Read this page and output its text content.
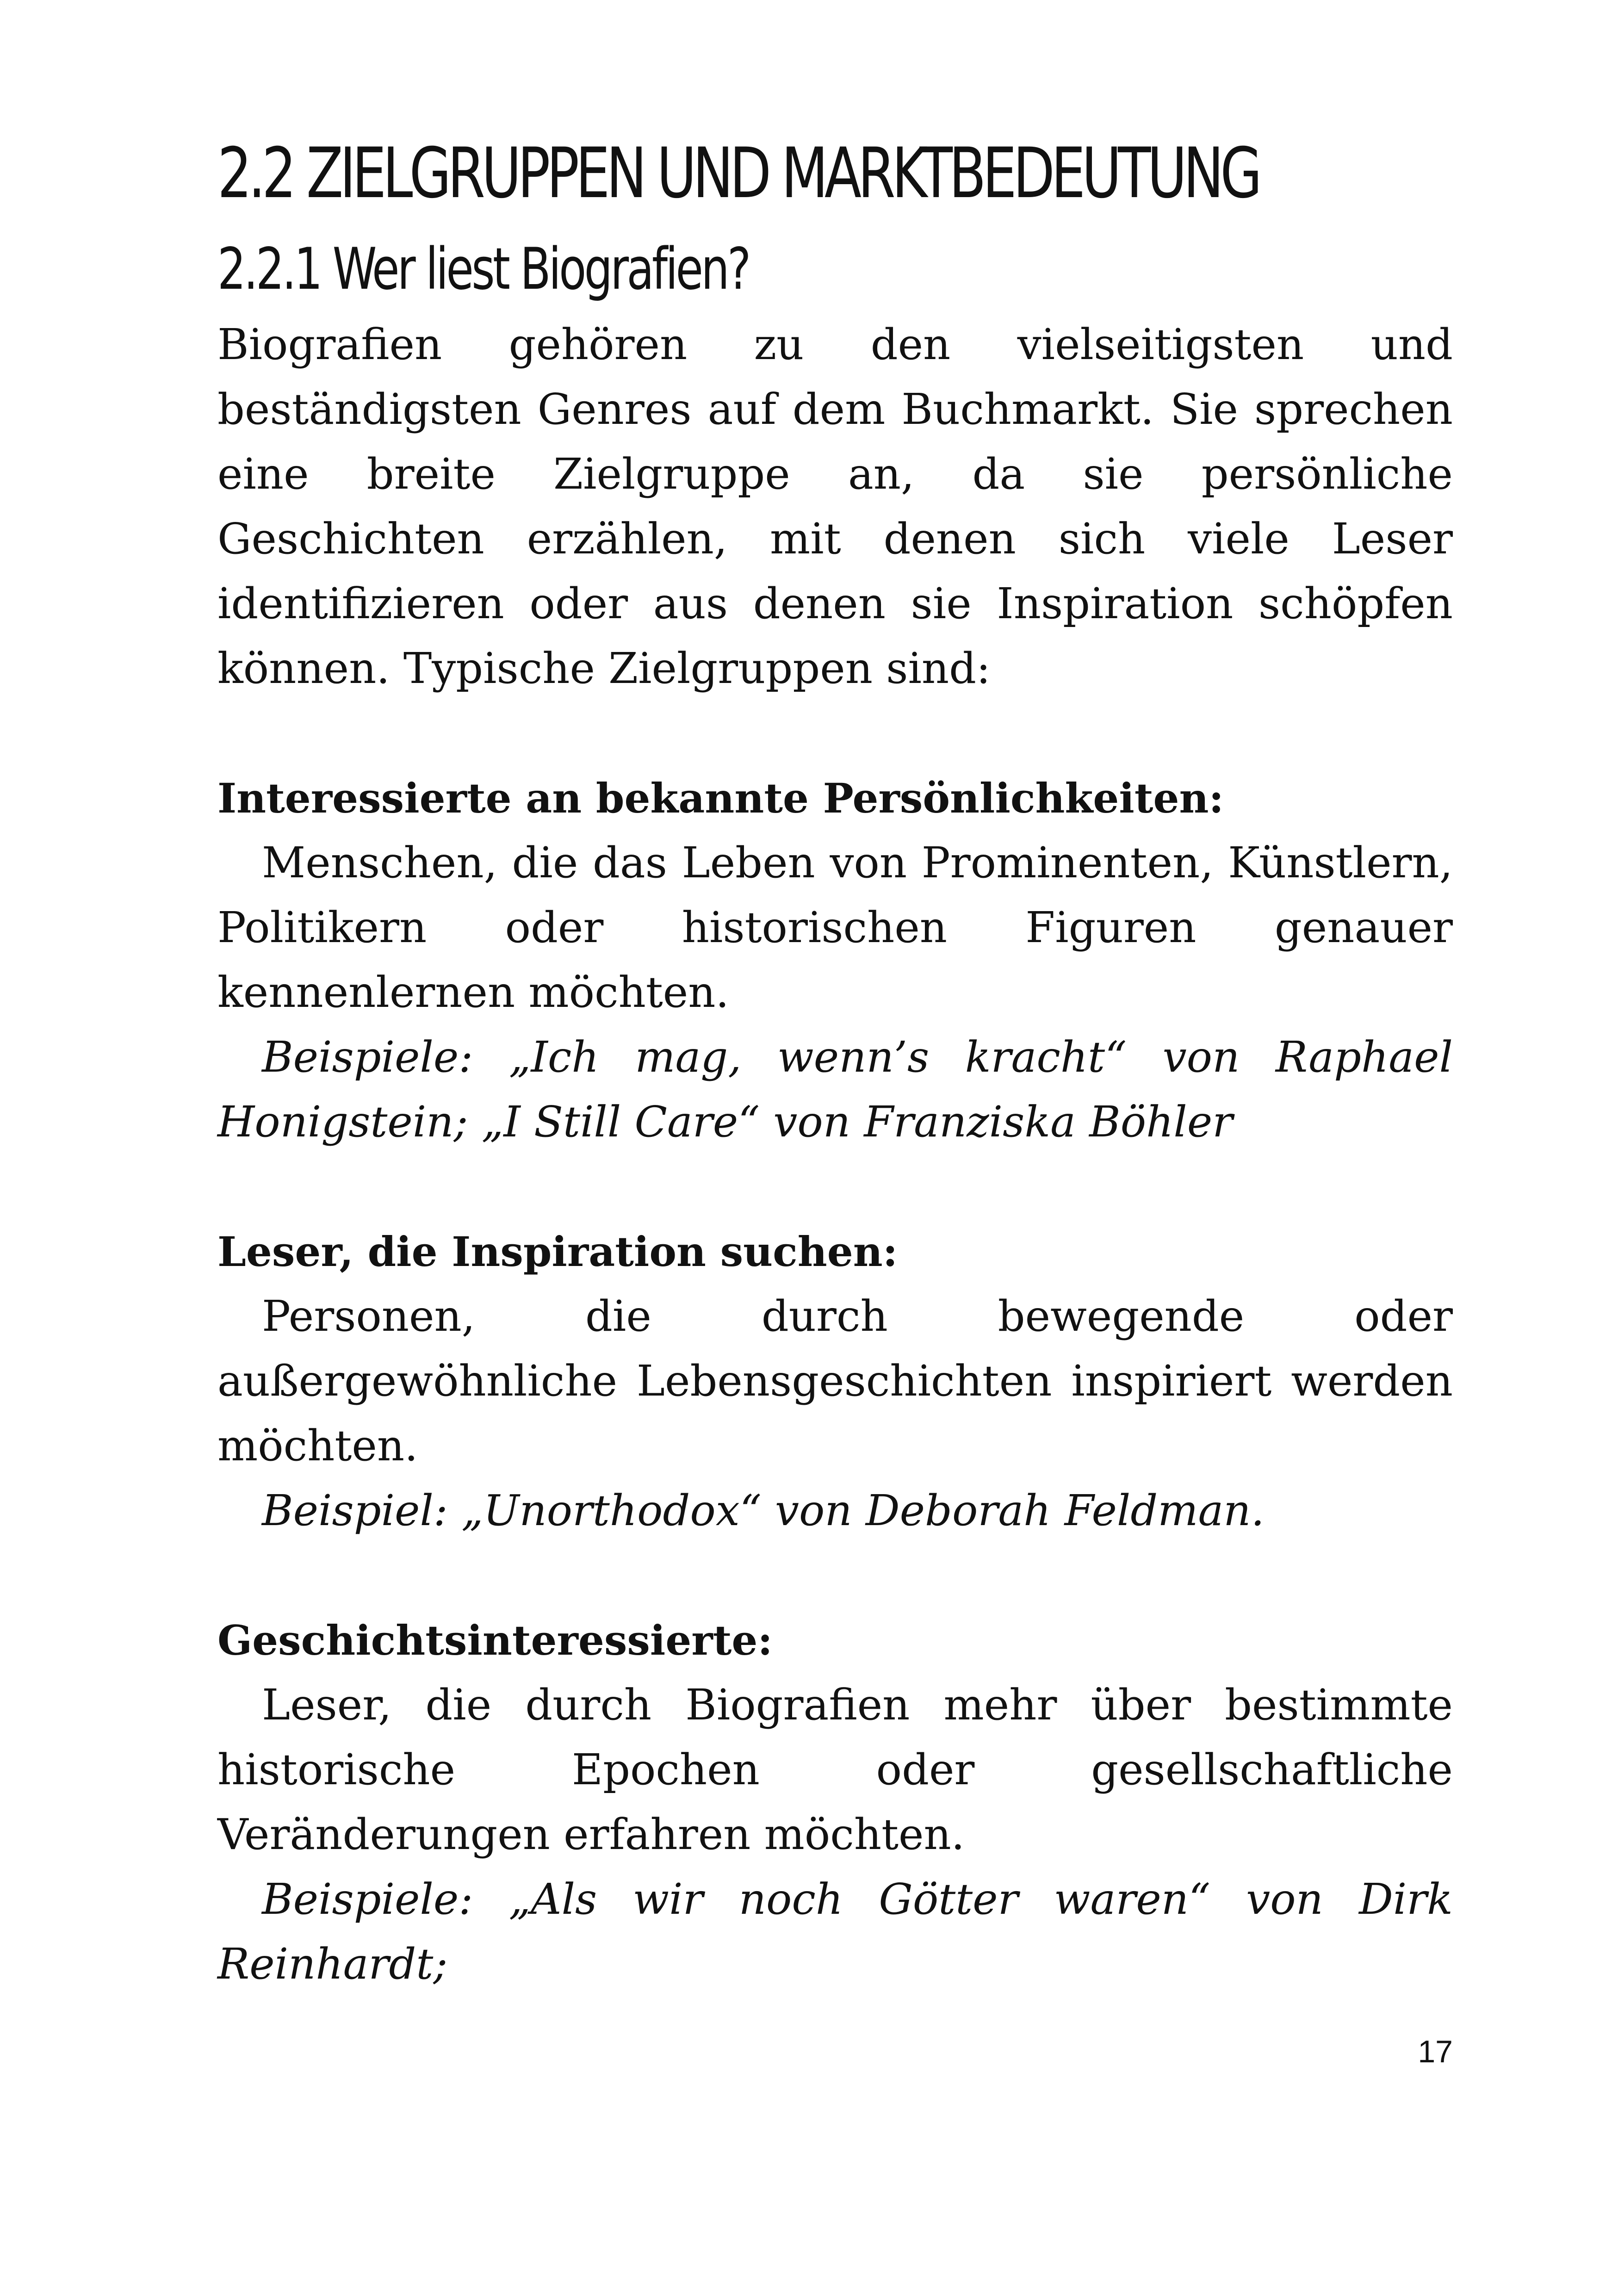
2.2 ZIELGRUPPEN UND MARKTBEDEUTUNG
2.2.1 Wer liest Biografien?

Biografien gehören zu den vielseitigsten und beständigsten Genres auf dem Buchmarkt. Sie sprechen eine breite Zielgruppe an, da sie persönliche Geschichten erzählen, mit denen sich viele Leser identifizieren oder aus denen sie Inspiration schöpfen können. Typische Zielgruppen sind:

Interessierte an bekannte Persönlichkeiten:

Menschen, die das Leben von Prominenten, Künstlern, Politikern oder historischen Figuren genauer kennenlernen möchten.

Beispiele: „Ich mag, wenn’s kracht“ von Raphael Honigstein; „I Still Care“ von Franziska Böhler

Leser, die Inspiration suchen:

Personen, die durch bewegende oder außergewöhnliche Lebensgeschichten inspiriert werden möchten.

Beispiel: „Unorthodox“ von Deborah Feldman.

Geschichtsinteressierte:

Leser, die durch Biografien mehr über bestimmte historische Epochen oder gesellschaftliche Veränderungen erfahren möchten.

Beispiele: „Als wir noch Götter waren“ von Dirk Reinhardt;

17
